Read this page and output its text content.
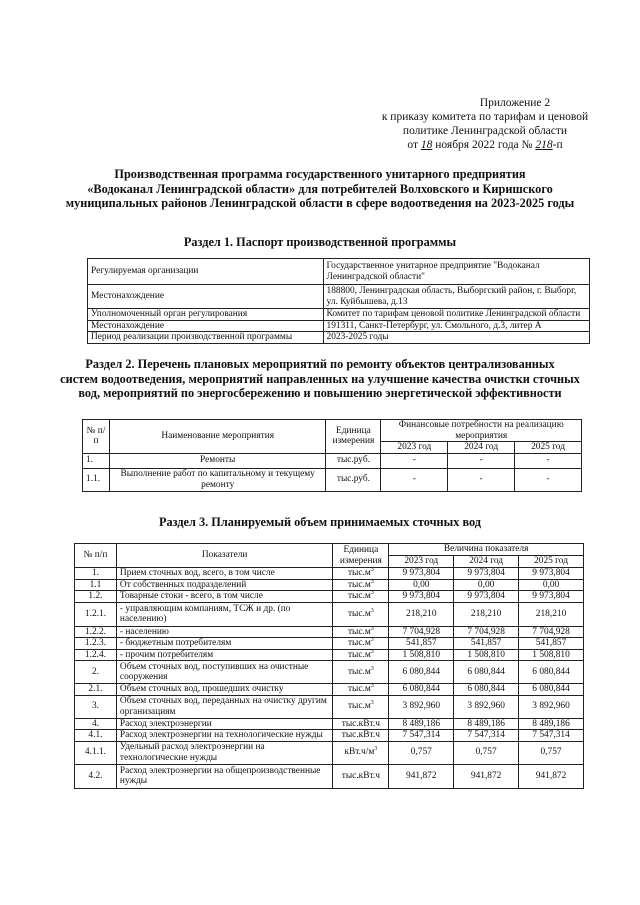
Приложение 2
к приказу комитета по тарифам и ценовой
политике Ленинградской области
от 18 ноября 2022 года № 218-п
Производственная программа государственного унитарного предприятия
«Водоканал Ленинградской области» для потребителей Волховского и Киришского
муниципальных районов Ленинградской области в сфере водоотведения на 2023-2025 годы
Раздел 1. Паспорт производственной программы
Регулируемая организации	Государственное унитарное предприятие "Водоканал Ленинградской области"
Местонахождение	188800, Ленинградская область, Выборгский район, г. Выборг, ул. Куйбышева, д.13
Уполномоченный орган регулирования	Комитет по тарифам ценовой политике Ленинградской области
Местонахождение	191311, Санкт-Петербург, ул. Смольного, д.3, литер А
Период реализации производственной программы	2023-2025 годы
Раздел 2. Перечень плановых мероприятий по ремонту объектов централизованных
систем водоотведения, мероприятий направленных на улучшение качества очистки сточных
вод, мероприятий по энергосбережению и повышению энергетической эффективности
№ п/п	Наименование мероприятия	Единица измерения	Финансовые потребности на реализацию мероприятия		
			2023 год	2024 год	2025 год
1.	Ремонты	тыс.руб.	-	-	-
1.1.	Выполнение работ по капитальному и текущему ремонту	тыс.руб.	-	-	-
Раздел 3. Планируемый объем принимаемых сточных вод
№ п/п	Показатели	Единица измерения	Величина показателя		
			2023 год	2024 год	2025 год
1.	Прием сточных вод, всего, в том числе	$тыс.м^3$	9 973,804	9 973,804	9 973,804
1.1	От собственных подразделений	$тыс.м^3$	0,00	0,00	0,00
1.2.	Товарные стоки - всего, в том числе	$тыс.м^3$	9 973,804	9 973,804	9 973,804
1.2.1.	- управляющим компаниям, ТСЖ и др. (по населению)	$тыс.м^3$	218,210	218,210	218,210
1.2.2.	- населению	$тыс.м^3$	7 704,928	7 704,928	7 704,928
1.2.3.	- бюджетным потребителям	$тыс.м^3$	541,857	541,857	541,857
1.2.4.	- прочим потребителям	$тыс.м^3$	1 508,810	1 508,810	1 508,810
2.	Объем сточных вод, поступивших на очистные сооружения	$тыс.м^3$	6 080,844	6 080,844	6 080,844
2.1.	Объем сточных вод, прошедших очистку	$тыс.м^3$	6 080,844	6 080,844	6 080,844
3.	Объем сточных вод, переданных на очистку другим организациям	$тыс.м^3$	3 892,960	3 892,960	3 892,960
4.	Расход электроэнергии	тыс.кВт.ч	8 489,186	8 489,186	8 489,186
4.1.	Расход электроэнергии на технологические нужды	тыс.кВт.ч	7 547,314	7 547,314	7 547,314
4.1.1.	Удельный расход электроэнергии на технологические нужды	$кВт.ч/м^3$	0,757	0,757	0,757
4.2.	Расход электроэнергии на общепроизводственные нужды	тыс.кВт.ч	941,872	941,872	941,872
